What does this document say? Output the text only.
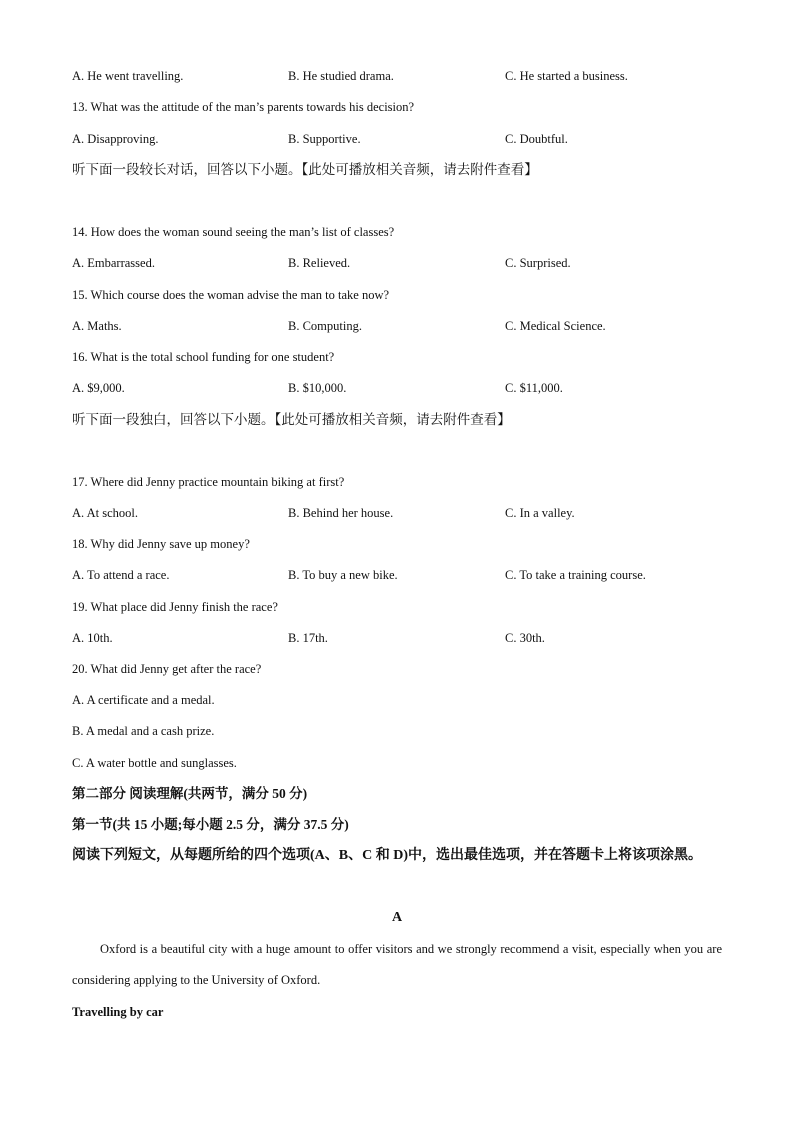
A. He went travelling.	B. He studied drama.	C. He started a business.
13. What was the attitude of the man’s parents towards his decision?
A. Disapproving.	B. Supportive.	C. Doubtful.
听下面一段较长对话，回答以下小题。【此处可播放相关音频，请去附件查看】
14. How does the woman sound seeing the man’s list of classes?
A. Embarrassed.	B. Relieved.	C. Surprised.
15. Which course does the woman advise the man to take now?
A. Maths.	B. Computing.	C. Medical Science.
16. What is the total school funding for one student?
A. $9,000.	B. $10,000.	C. $11,000.
听下面一段独白，回答以下小题。【此处可播放相关音频，请去附件查看】
17. Where did Jenny practice mountain biking at first?
A. At school.	B. Behind her house.	C. In a valley.
18. Why did Jenny save up money?
A. To attend a race.	B. To buy a new bike.	C. To take a training course.
19. What place did Jenny finish the race?
A. 10th.	B. 17th.	C. 30th.
20. What did Jenny get after the race?
A. A certificate and a medal.
B. A medal and a cash prize.
C. A water bottle and sunglasses.
第二部分 阅读理解(共两节，满分 50 分)
第一节(共 15 小题;每小题 2.5 分，满分 37.5 分)
阅读下列短文，从每题所给的四个选项(A、B、C 和 D)中，选出最佳选项，并在答题卡上将该项涂黑。
A
Oxford is a beautiful city with a huge amount to offer visitors and we strongly recommend a visit, especially when you are considering applying to the University of Oxford.
Travelling by car
